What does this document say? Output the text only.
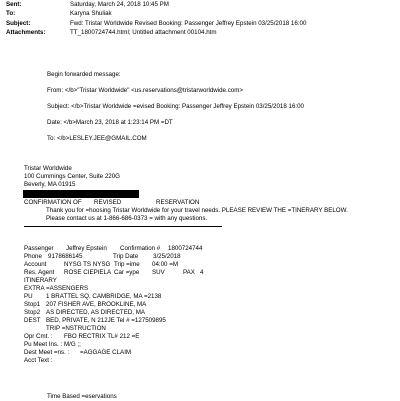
Sent:	Saturday, March 24, 2018 10:45 PM
To:	Karyna Shuliak
Subject:	Fwd: Tristar Worldwide Revised Booking: Passenger Jeffrey Epstein 03/25/2018 16:00
Attachments:	TT_1800724744.html; Untitled attachment 00104.htm
Begin forwarded message:
From: </b>"Tristar Worldwide" <us.reservations@tristarworldwide.com>
Subject: </b>Tristar Worldwide =evised Booking: Passenger Jeffrey Epstein 03/25/2018 16:00
Date: </b>March 23, 2018 at 1:23:14 PM =DT
To: </b>LESLEY.JEE@GMAIL.COM
Tristar Worldwide
100 Cummings Center, Suite 220G
Beverly, MA 01915
CONFIRMATION OF	REVISED	RESERVATION
Thank you for =hoosing Tristar Worldwide for your travel needs. PLEASE REVIEW THE =TINERARY BELOW.
Please contact us at 1-866-686-0373 = with any questions.
Passenger	Jeffrey Epstein	Confirmation #	1800724744
Phone 9178686145	Trip Date	3/25/2018
Account	NYSG TS NYSG Trip =ime	04:00 =M
Res. Agent	ROSE CIEPIELA Car =ype	SUV	PAX 4
ITINERARY
EXTRA =ASSENGERS
PU	1 BRATTEL SQ, CAMBRIDGE, MA =2138
Stop1 207 FISHER AVE, BROOKLINE, MA
Stop2 AS DIRECTED, AS DIRECTED, MA
DEST BED, PRIVATE, N 212JE Tel # =127509895
TRIP =NSTRUCTION
Opr Cmt. :	FBO RECTRIX TL# 212 =E
Pu Meet Ins. : M/G ;;
Dest Meet =ns. :	=AGGAGE CLAIM
Acct Text :
Time Based =eservations
